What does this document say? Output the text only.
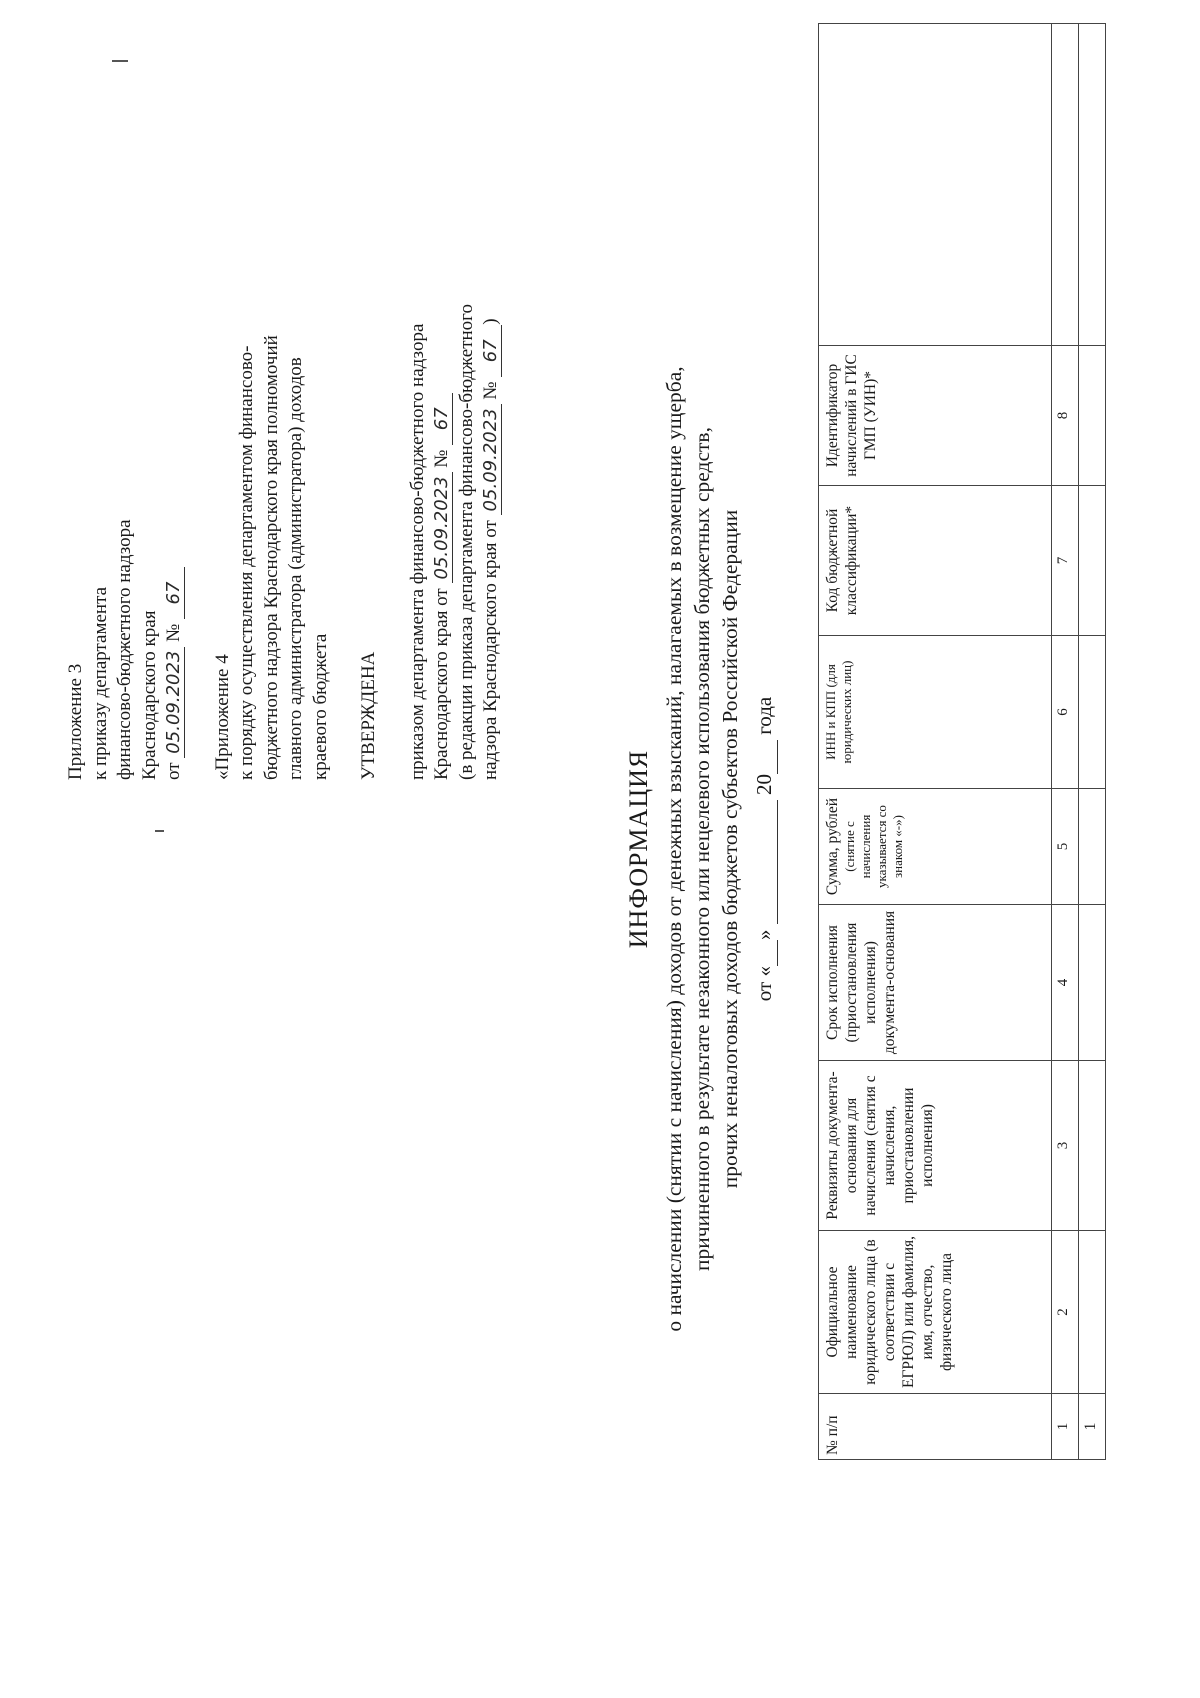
Приложение 3 к приказу департамента финансово-бюджетного надзора Краснодарского края от 05.09.2023 № 67

«Приложение 4 к порядку осуществления департаментом финансово- бюджетного надзора Краснодарского края полномочий главного администратора (администратора) доходов краевого бюджета УТВЕРЖДЕНА приказом департамента финансово-бюджетного надзора Краснодарского края от 05.09.2023 № 67 (в редакции приказа департамента финансово-бюджетного надзора Краснодарского края от 05.09.2023 № 67)

ИНФОРМАЦИЯ о начислении (снятии с начисления) доходов от денежных взысканий, налагаемых в возмещение ущерба, причиненного в результате незаконного или нецелевого использования бюджетных средств, прочих неналоговых доходов бюджетов субъектов Российской Федерации от « »   20  года
№ п/п	Официальное наименование юридического лица (в соответствии с ЕГРЮЛ) или фамилия, имя, отчество, физического лица	Реквизиты документа-основания для начисления (снятия с начисления, приостановлении исполнения)	Срок исполнения (приостановления исполнения) документа-основания	Сумма, рублей (снятие с начисления указывается со знаком «-»)	ИНН и КПП (для юридических лиц)	Код бюджетной классификации*	Идентификатор начислений в ГИС ГМП (УИН)*	
1	2	3	4	5	6	7	8	
1								
